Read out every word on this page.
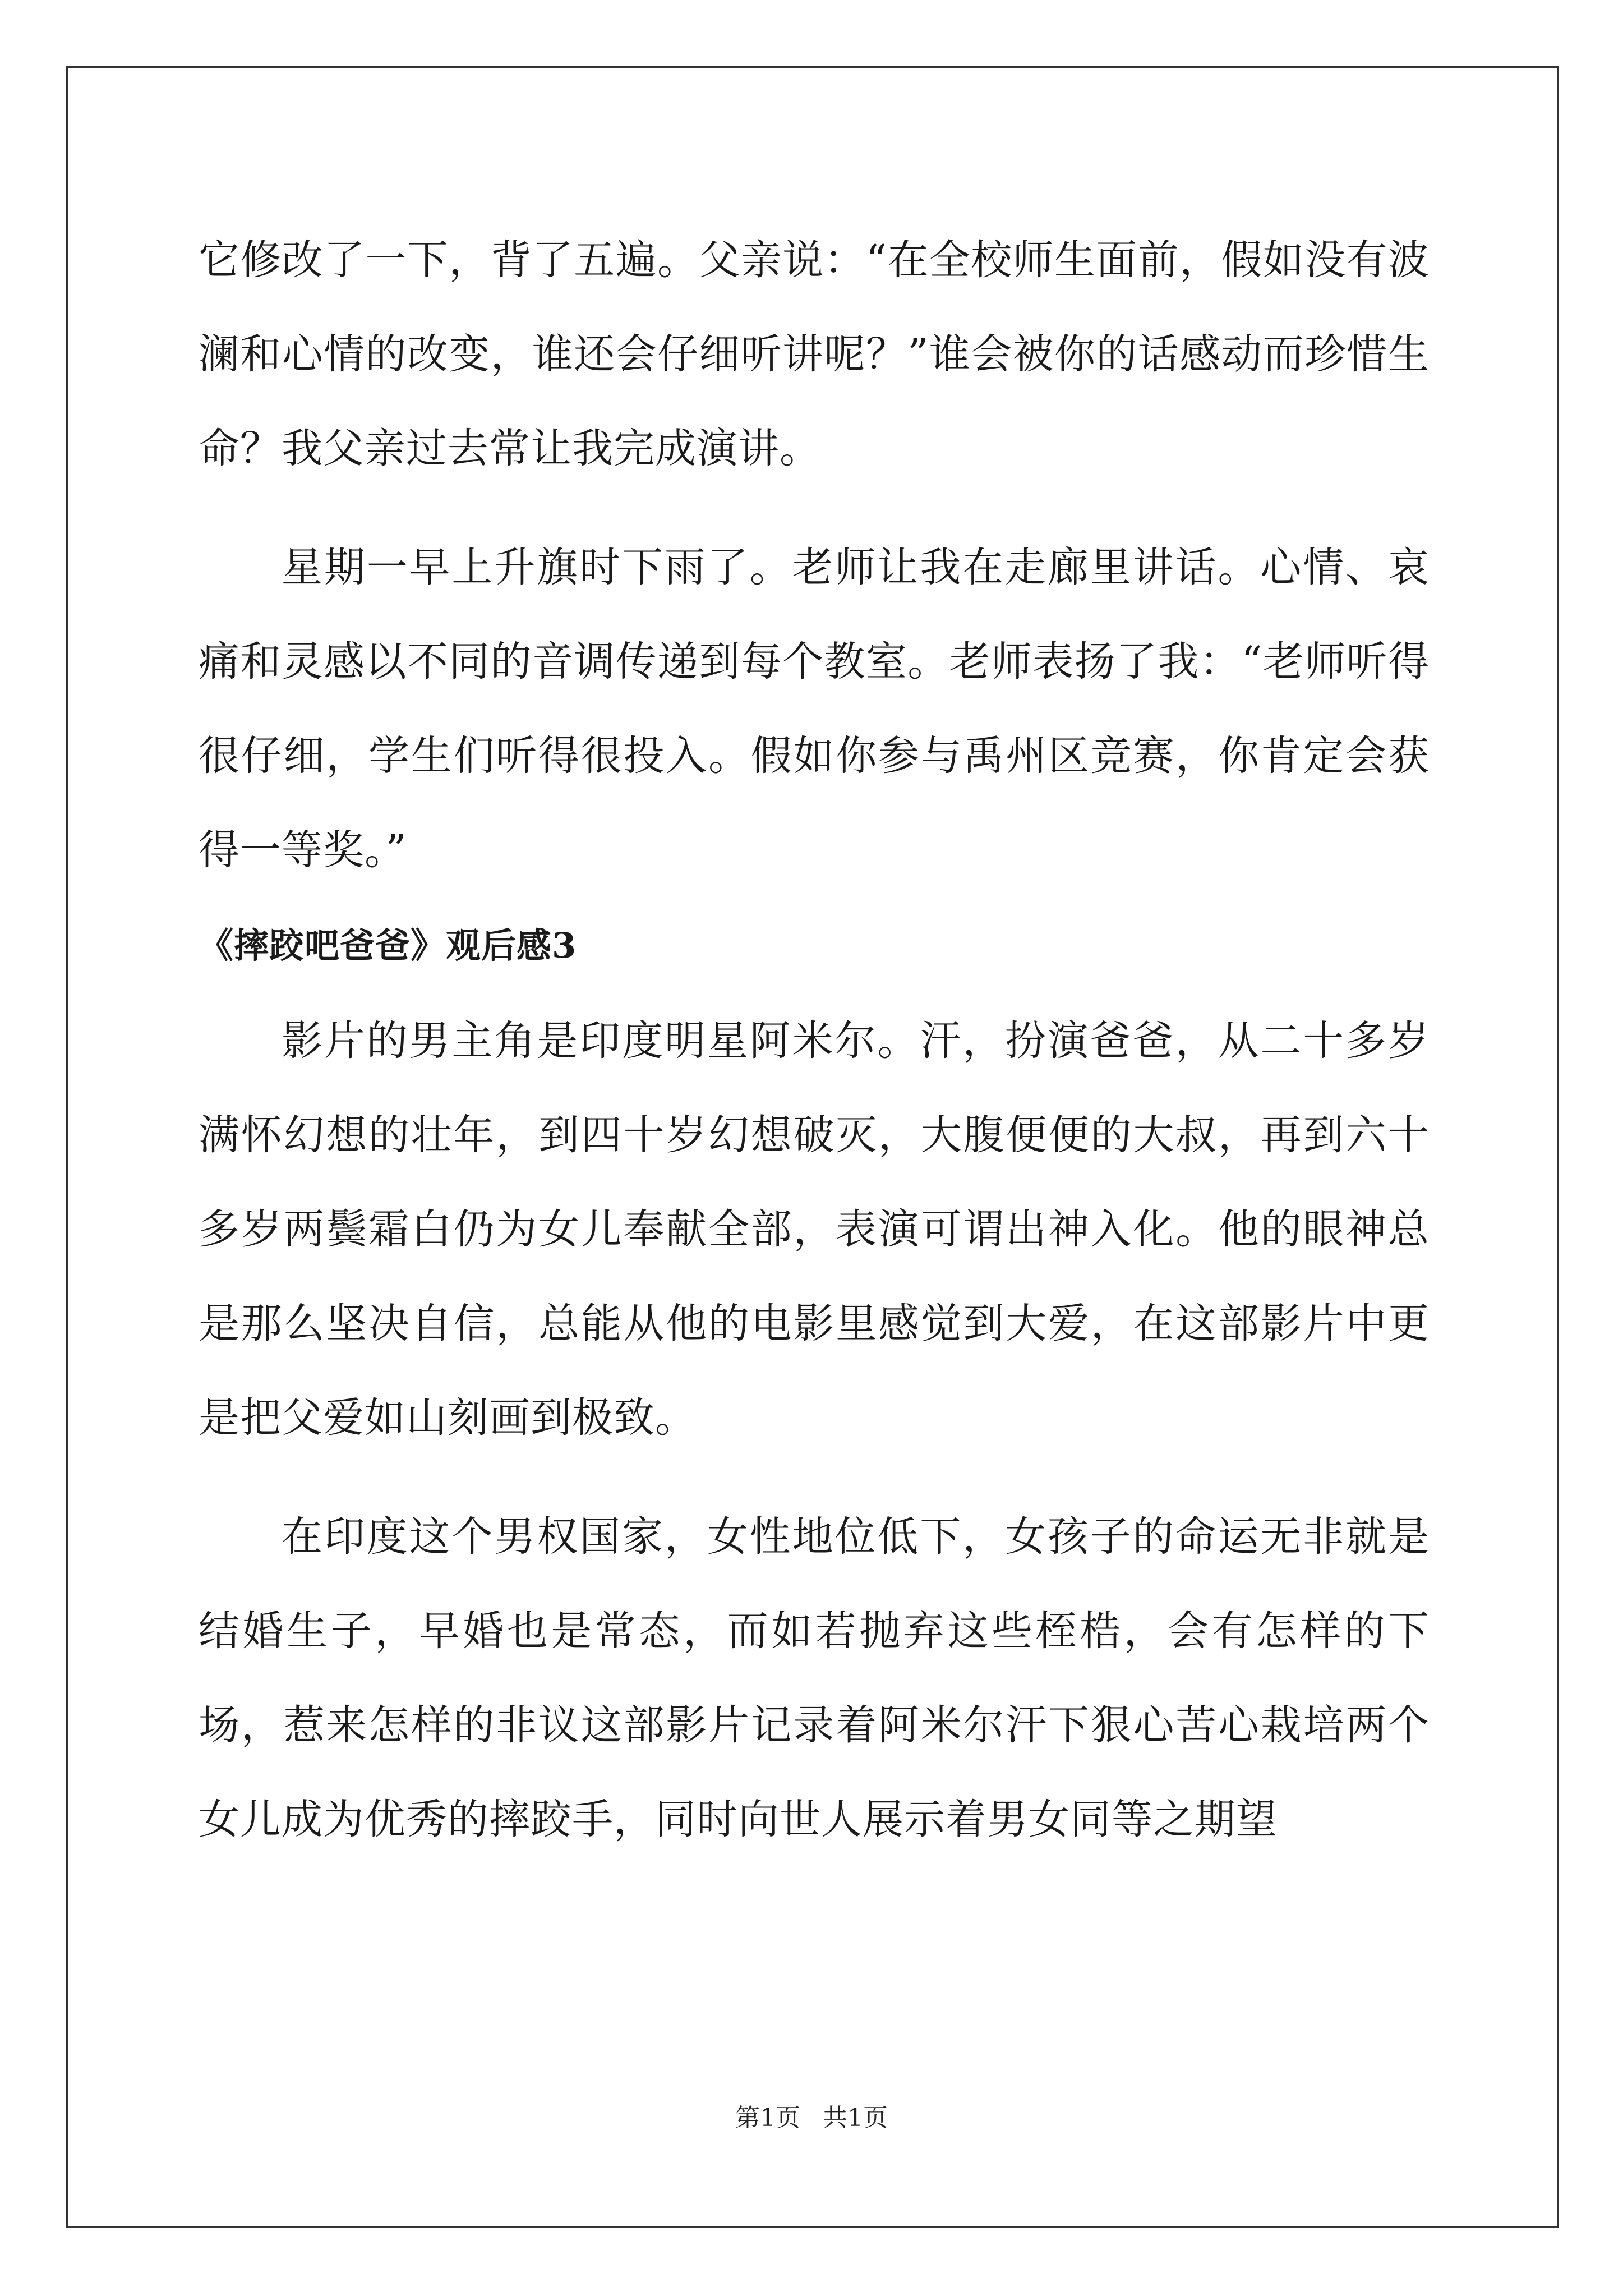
它修改了一下，背了五遍。父亲说：“在全校师生面前，假如没有波澜和心情的改变，谁还会仔细听讲呢？”谁会被你的话感动而珍惜生命？我父亲过去常让我完成演讲。

星期一早上升旗时下雨了。老师让我在走廊里讲话。心情、哀痛和灵感以不同的音调传递到每个教室。老师表扬了我：“老师听得很仔细，学生们听得很投入。假如你参与禹州区竞赛，你肯定会获得一等奖。”

《摔跤吧爸爸》观后感3

影片的男主角是印度明星阿米尔。汗，扮演爸爸，从二十多岁满怀幻想的壮年，到四十岁幻想破灭，大腹便便的大叔，再到六十多岁两鬓霜白仍为女儿奉献全部，表演可谓出神入化。他的眼神总是那么坚决自信，总能从他的电影里感觉到大爱，在这部影片中更是把父爱如山刻画到极致。

在印度这个男权国家，女性地位低下，女孩子的命运无非就是结婚生子，早婚也是常态，而如若抛弃这些桎梏，会有怎样的下场，惹来怎样的非议这部影片记录着阿米尔汗下狠心苦心栽培两个女儿成为优秀的摔跤手，同时向世人展示着男女同等之期望

第1页 共1页
